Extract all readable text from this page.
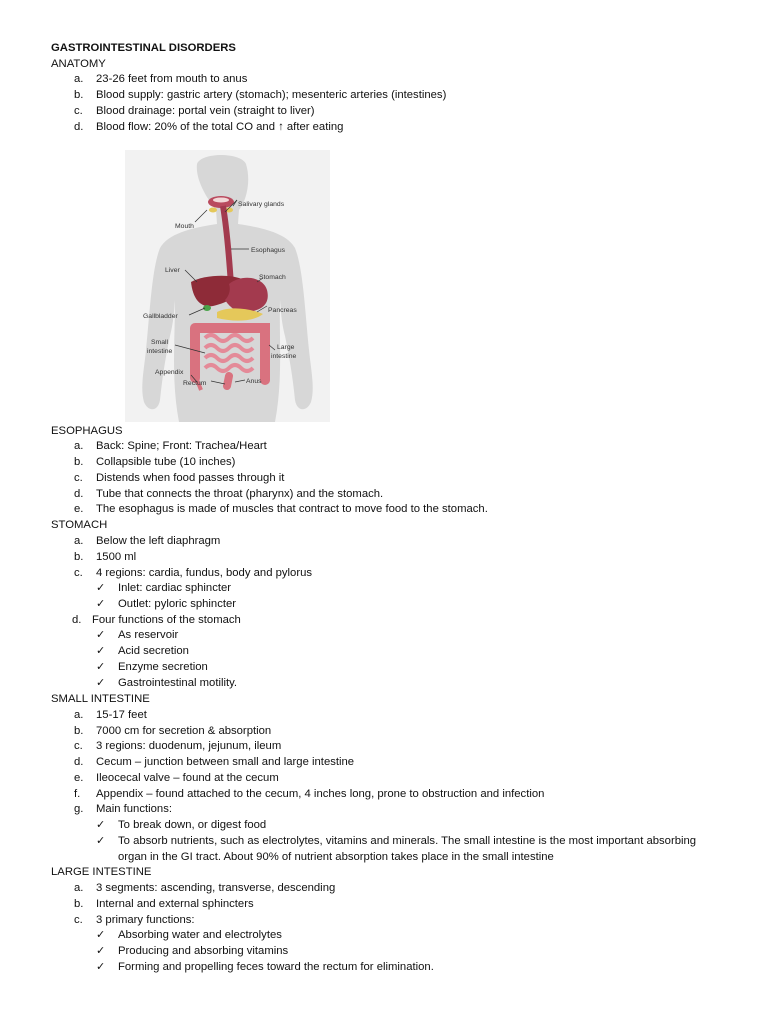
GASTROINTESTINAL DISORDERS
ANATOMY
a.	23-26 feet from mouth to anus
b.	Blood supply: gastric artery (stomach); mesenteric arteries (intestines)
c.	Blood drainage: portal vein (straight to liver)
d.	Blood flow: 20% of the total CO and ↑ after eating
Salivary glands
Mouth
Esophagus
Liver
Stomach
Pancreas
Gallbladder
Small
intestine
Large
intestine
Appendix
Rectum	Anus
ESOPHAGUS
a.	Back: Spine; Front: Trachea/Heart
b.	Collapsible tube (10 inches)
c.	Distends when food passes through it
d.	Tube that connects the throat (pharynx) and the stomach.
e.	The esophagus is made of muscles that contract to move food to the stomach.
STOMACH
a.	Below the left diaphragm
b.	1500 ml
c.	4 regions: cardia, fundus, body and pylorus
✓	Inlet: cardiac sphincter
✓	Outlet: pyloric sphincter
d. Four functions of the stomach
✓	As reservoir
✓	Acid secretion
✓	Enzyme secretion
✓	Gastrointestinal motility.
SMALL INTESTINE
a.	15-17 feet
b.	7000 cm for secretion & absorption
c.	3 regions: duodenum, jejunum, ileum
d.	Cecum – junction between small and large intestine
e.	Ileocecal valve – found at the cecum
f.	Appendix – found attached to the cecum, 4 inches long, prone to obstruction and infection
g.	Main functions:
✓	To break down, or digest food
✓	To absorb nutrients, such as electrolytes, vitamins and minerals. The small intestine is the most important absorbing
organ in the GI tract. About 90% of nutrient absorption takes place in the small intestine
LARGE INTESTINE
a.	3 segments: ascending, transverse, descending
b.	Internal and external sphincters
c.	3 primary functions:
✓	Absorbing water and electrolytes
✓	Producing and absorbing vitamins
✓	Forming and propelling feces toward the rectum for elimination.
